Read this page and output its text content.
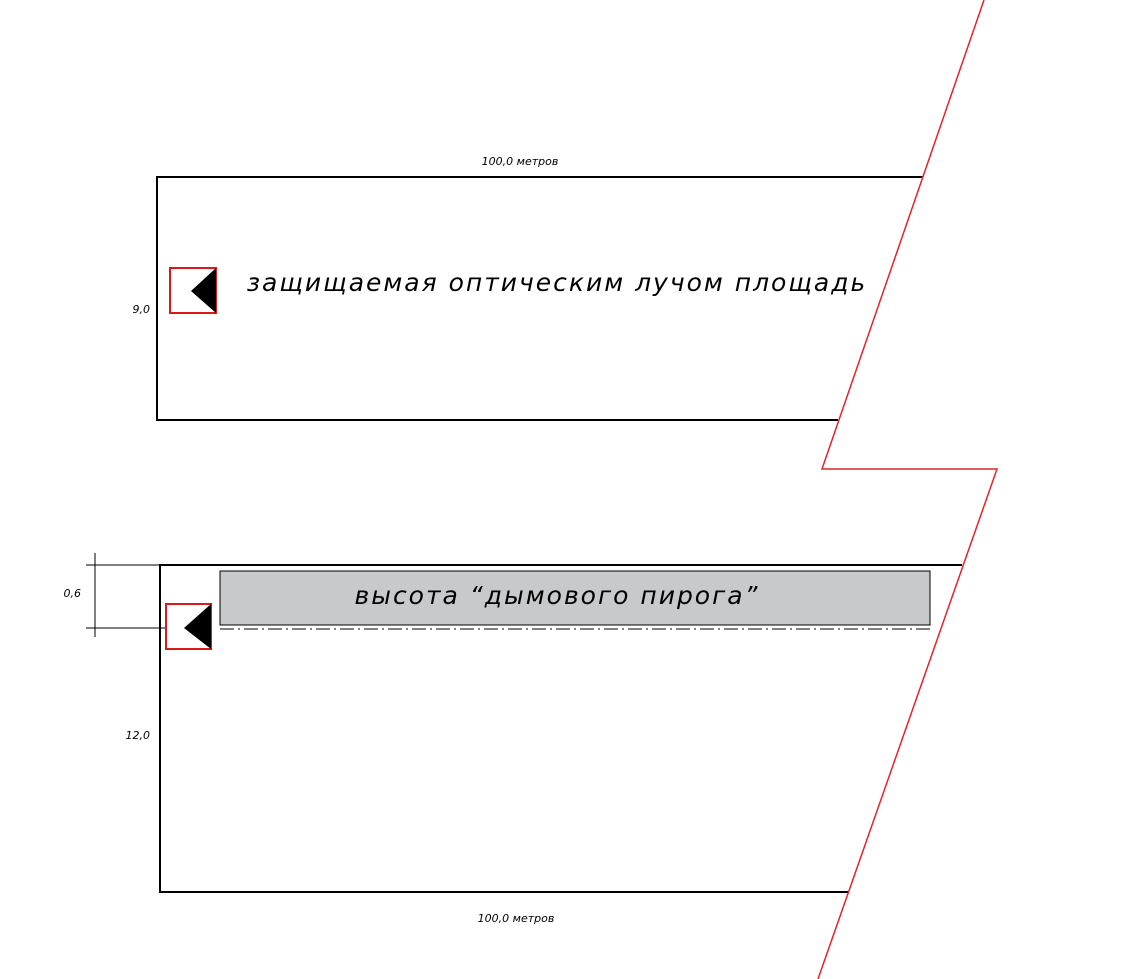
100,0 метров
9,0
защищаемая оптическим лучом площадь
0,6
12,0
высота “дымового пирога”
100,0 метров
